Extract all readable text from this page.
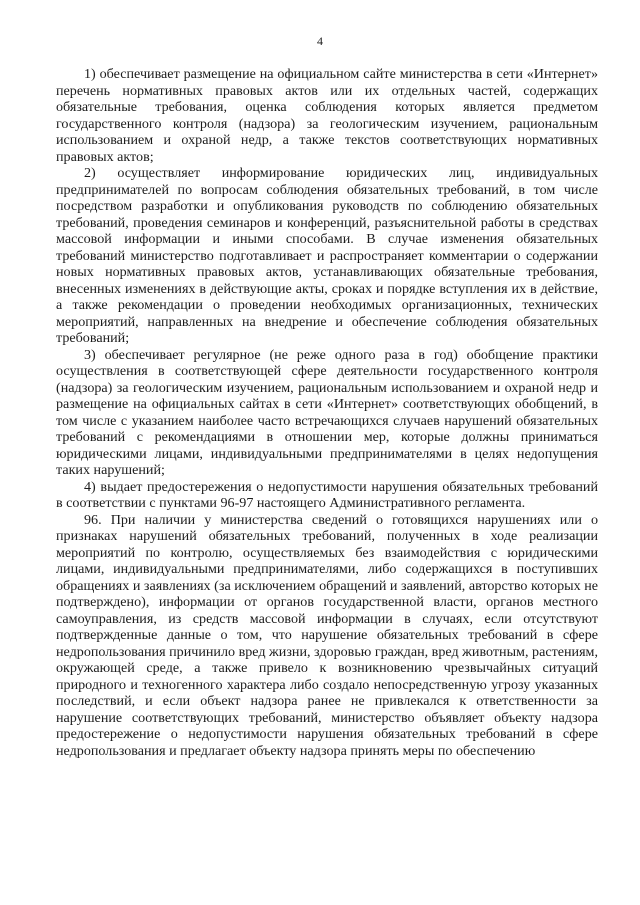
4

1) обеспечивает размещение на официальном сайте министерства в сети «Интернет» перечень нормативных правовых актов или их отдельных частей, содержащих обязательные требования, оценка соблюдения которых является предметом государственного контроля (надзора) за геологическим изучением, рациональным использованием и охраной недр, а также текстов соответствующих нормативных правовых актов;

2) осуществляет информирование юридических лиц, индивидуальных предпринимателей по вопросам соблюдения обязательных требований, в том числе посредством разработки и опубликования руководств по соблюдению обязательных требований, проведения семинаров и конференций, разъяснительной работы в средствах массовой информации и иными способами. В случае изменения обязательных требований министерство подготавливает и распространяет комментарии о содержании новых нормативных правовых актов, устанавливающих обязательные требования, внесенных изменениях в действующие акты, сроках и порядке вступления их в действие, а также рекомендации о проведении необходимых организационных, технических мероприятий, направленных на внедрение и обеспечение соблюдения обязательных требований;

3) обеспечивает регулярное (не реже одного раза в год) обобщение практики осуществления в соответствующей сфере деятельности государственного контроля (надзора) за геологическим изучением, рациональным использованием и охраной недр и размещение на официальных сайтах в сети «Интернет» соответствующих обобщений, в том числе с указанием наиболее часто встречающихся случаев нарушений обязательных требований с рекомендациями в отношении мер, которые должны приниматься юридическими лицами, индивидуальными предпринимателями в целях недопущения таких нарушений;

4) выдает предостережения о недопустимости нарушения обязательных требований в соответствии с пунктами 96-97 настоящего Административного регламента.

96. При наличии у министерства сведений о готовящихся нарушениях или о признаках нарушений обязательных требований, полученных в ходе реализации мероприятий по контролю, осуществляемых без взаимодействия с юридическими лицами, индивидуальными предпринимателями, либо содержащихся в поступивших обращениях и заявлениях (за исключением обращений и заявлений, авторство которых не подтверждено), информации от органов государственной власти, органов местного самоуправления, из средств массовой информации в случаях, если отсутствуют подтвержденные данные о том, что нарушение обязательных требований в сфере недропользования причинило вред жизни, здоровью граждан, вред животным, растениям, окружающей среде, а также привело к возникновению чрезвычайных ситуаций природного и техногенного характера либо создало непосредственную угрозу указанных последствий, и если объект надзора ранее не привлекался к ответственности за нарушение соответствующих требований, министерство объявляет объекту надзора предостережение о недопустимости нарушения обязательных требований в сфере недропользования и предлагает объекту надзора принять меры по обеспечению
